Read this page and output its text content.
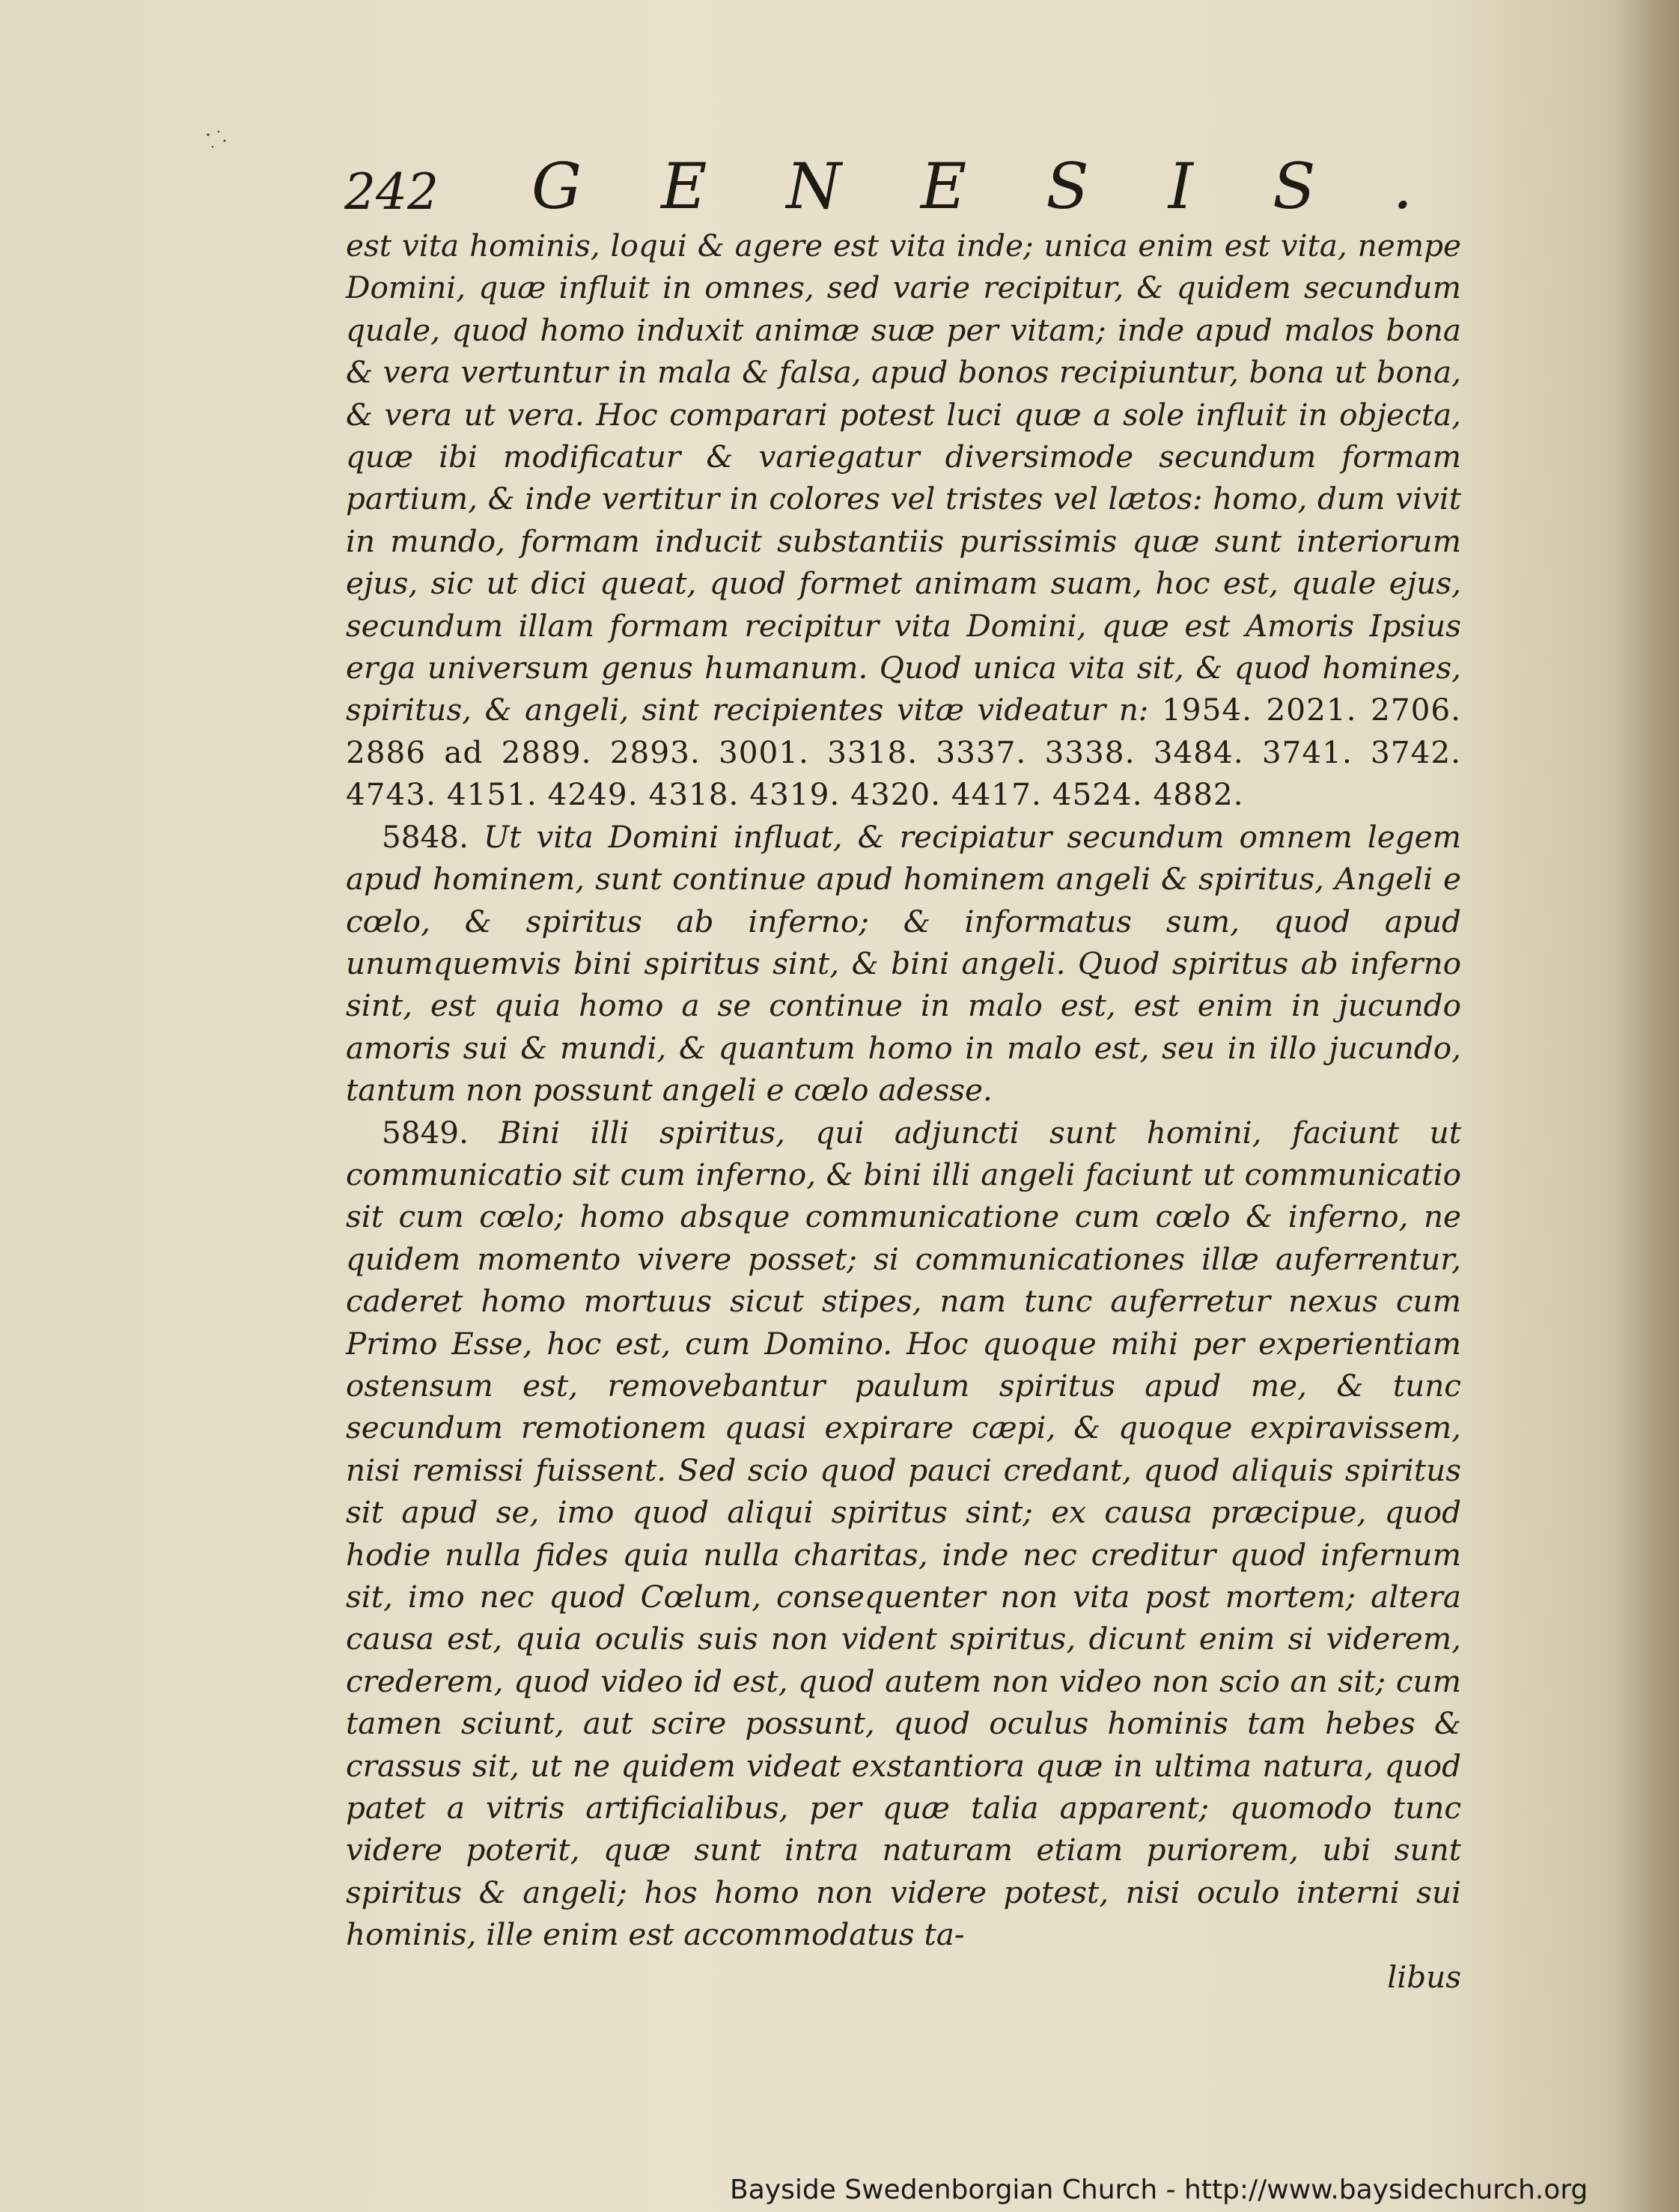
242 GENESIS.

est vita hominis, loqui & agere est vita inde; unica enim est vita, nempe Domini, quæ influit in omnes, sed varie recipitur, & quidem secundum quale, quod homo induxit animæ suæ per vitam; inde apud malos bona & vera vertuntur in mala & falsa, apud bonos recipiuntur, bona ut bona, & vera ut vera. Hoc comparari potest luci quæ a sole influit in objecta, quæ ibi modificatur & variegatur diversimode secundum formam partium, & inde vertitur in colores vel tristes vel lætos: homo, dum vivit in mundo, formam inducit substantiis purissimis quæ sunt interiorum ejus, sic ut dici queat, quod formet animam suam, hoc est, quale ejus, secundum illam formam recipitur vita Domini, quæ est Amoris Ipsius erga universum genus humanum. Quod unica vita sit, & quod homines, spiritus, & angeli, sint recipientes vitæ videatur n: 1954. 2021. 2706. 2886 ad 2889. 2893. 3001. 3318. 3337. 3338. 3484. 3741. 3742. 4743. 4151. 4249. 4318. 4319. 4320. 4417. 4524. 4882.

5848. Ut vita Domini influat, & recipiatur secundum omnem legem apud hominem, sunt continue apud hominem angeli & spiritus, Angeli e cœlo, & spiritus ab inferno; & informatus sum, quod apud unumquemvis bini spiritus sint, & bini angeli. Quod spiritus ab inferno sint, est quia homo a se continue in malo est, est enim in jucundo amoris sui & mundi, & quantum homo in malo est, seu in illo jucundo, tantum non possunt angeli e cœlo adesse.

5849. Bini illi spiritus, qui adjuncti sunt homini, faciunt ut communicatio sit cum inferno, & bini illi angeli faciunt ut communicatio sit cum cœlo; homo absque communicatione cum cœlo & inferno, ne quidem momento vivere posset; si communicationes illæ auferrentur, caderet homo mortuus sicut stipes, nam tunc auferretur nexus cum Primo Esse, hoc est, cum Domino. Hoc quoque mihi per experientiam ostensum est, removebantur paulum spiritus apud me, & tunc secundum remotionem quasi expirare cæpi, & quoque expiravissem, nisi remissi fuissent. Sed scio quod pauci credant, quod aliquis spiritus sit apud se, imo quod aliqui spiritus sint; ex causa præcipue, quod hodie nulla fides quia nulla charitas, inde nec creditur quod infernum sit, imo nec quod Cœlum, consequenter non vita post mortem; altera causa est, quia oculis suis non vident spiritus, dicunt enim si viderem, crederem, quod video id est, quod autem non video non scio an sit; cum tamen sciunt, aut scire possunt, quod oculus hominis tam hebes & crassus sit, ut ne quidem videat exstantiora quæ in ultima natura, quod patet a vitris artificialibus, per quæ talia apparent; quomodo tunc videre poterit, quæ sunt intra naturam etiam puriorem, ubi sunt spiritus & angeli; hos homo non videre potest, nisi oculo interni sui hominis, ille enim est accommodatus ta-

libus

Bayside Swedenborgian Church - http://www.baysidechurch.org
